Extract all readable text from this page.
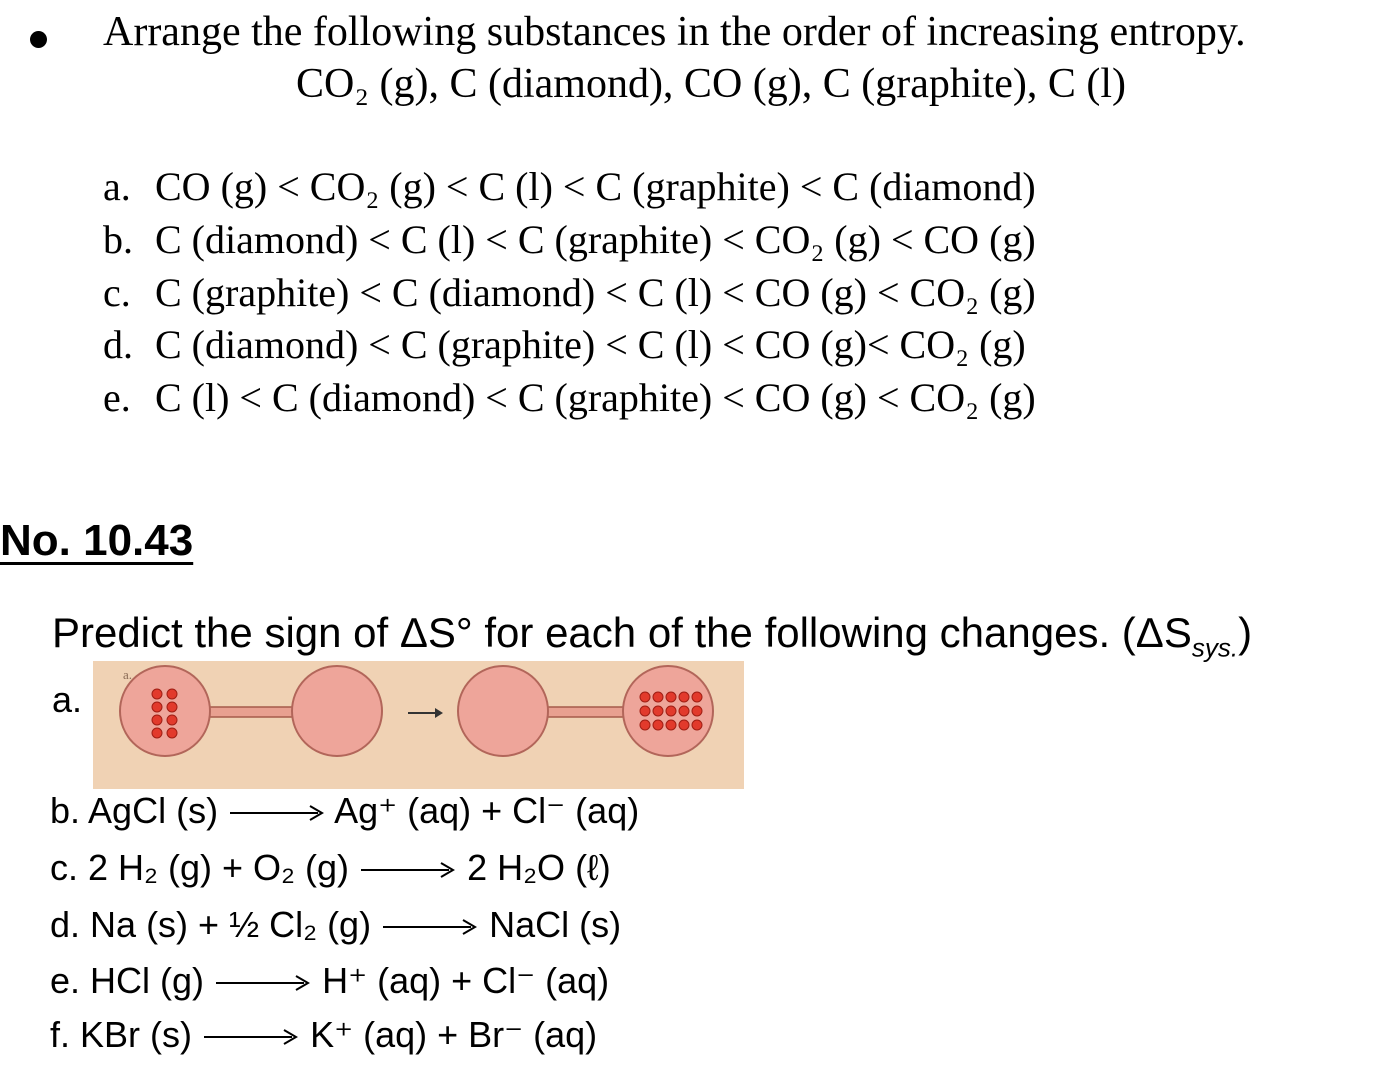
Arrange the following substances in the order of increasing entropy.
CO₂ (g), C (diamond), CO (g), C (graphite), C (l)
a. CO (g) < CO₂ (g) < C (l) < C (graphite) < C (diamond)
b. C (diamond) < C (l) < C (graphite) < CO₂ (g) < CO (g)
c. C (graphite) < C (diamond) < C (l) < CO (g) < CO₂ (g)
d. C (diamond) < C (graphite) < C (l) < CO (g)< CO₂ (g)
e. C (l) < C (diamond) < C (graphite) < CO (g) < CO₂ (g)
No. 10.43
Predict the sign of ΔS° for each of the following changes. $(\Delta S_{sys.})$
a.
a.
b. AgCl (s) → Ag⁺ (aq) + Cl⁻ (aq)
c. 2 H₂ (g) + O₂ (g) → 2 H₂O (ℓ)
d. Na (s) + ½ Cl₂ (g) → NaCl (s)
e. HCl (g) → H⁺ (aq) + Cl⁻ (aq)
f. KBr (s) → K⁺ (aq) + Br⁻ (aq)
